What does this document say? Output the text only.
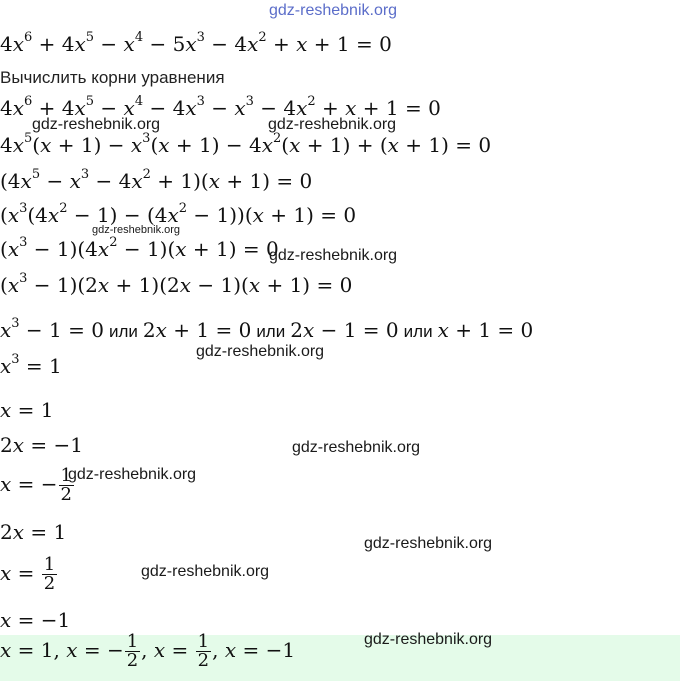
$4x^6 + 4x^5 - x^4 - 5x^3 - 4x^2 + x + 1 = 0$
Вычислить корни уравнения
$4x^6 + 4x^5 - x^4 - 4x^3 - x^3 - 4x^2 + x + 1 = 0$
$4x^5(x + 1) - x^3(x + 1) - 4x^2(x + 1) + (x + 1) = 0$
$(4x^5 - x^3 - 4x^2 + 1)(x + 1) = 0$
$(x^3(4x^2 - 1) - (4x^2 - 1))(x + 1) = 0$
$(x^3 - 1)(4x^2 - 1)(x + 1) = 0$
$(x^3 - 1)(2x + 1)(2x - 1)(x + 1) = 0$
$x^3 - 1 = 0$ или 2x + 1 = 0 или 2x − 1 = 0 или x + 1 = 0
$x^3 = 1$
x = 1
2x = −1
x = − $\frac{1}{2}$
2x = 1
$x = \frac{1}{2}$
x = −1
x = 1, x = − $\frac{1}{2}$ , $x = \frac{1}{2}$ , x = −1
gdz-reshebnik.org
gdz-reshebnik.org	gdz-reshebnik.org
gdz-reshebnik.org
gdz-reshebnik.org
gdz-reshebnik.org
gdz-reshebnik.org
gdz-reshebnik.org
gdz-reshebnik.org
gdz-reshebnik.org
gdz-reshebnik.org
